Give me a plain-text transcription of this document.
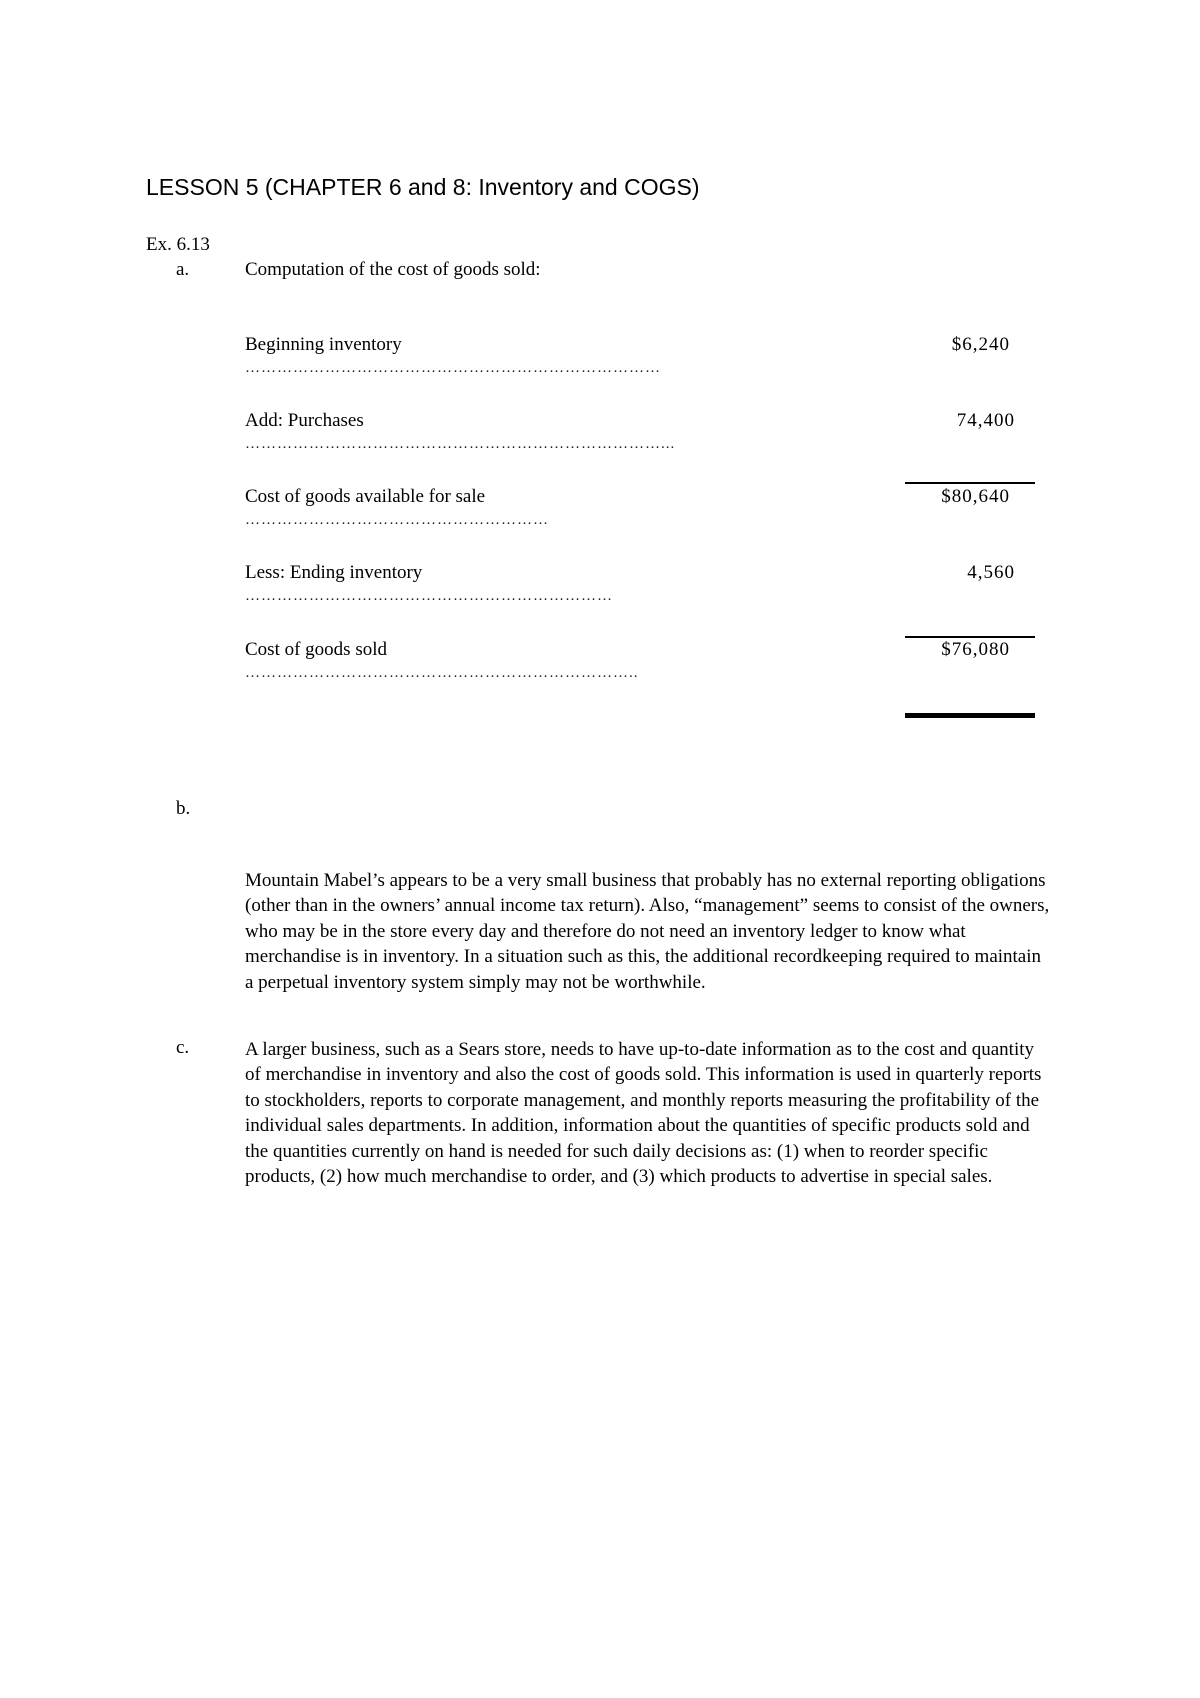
LESSON 5 (CHAPTER 6 and 8: Inventory and COGS)
Ex. 6.13
a.	Computation of the cost of goods sold:
Beginning inventory
……………………………………………………………………
$6,240
Add: Purchases
……………………………………………………………………...
74,400
Cost of goods available for sale
…………………………………………………
$80,640
Less: Ending inventory
……………………………………………………………
4,560
Cost of goods sold
………………………………………………………………..
$76,080
b.

Mountain Mabel’s appears to be a very small business that probably has no external reporting obligations (other than in the owners’ annual income tax return). Also, “management” seems to consist of the owners, who may be in the store every day and therefore do not need an inventory ledger to know what merchandise is in inventory. In a situation such as this, the additional recordkeeping required to maintain a perpetual inventory system simply may not be worthwhile.

c.	A larger business, such as a Sears store, needs to have up-to-date information as to the cost and quantity of merchandise in inventory and also the cost of goods sold. This information is used in quarterly reports to stockholders, reports to corporate management, and monthly reports measuring the profitability of the individual sales departments. In addition, information about the quantities of specific products sold and the quantities currently on hand is needed for such daily decisions as: (1) when to reorder specific products, (2) how much merchandise to order, and (3) which products to advertise in special sales.
